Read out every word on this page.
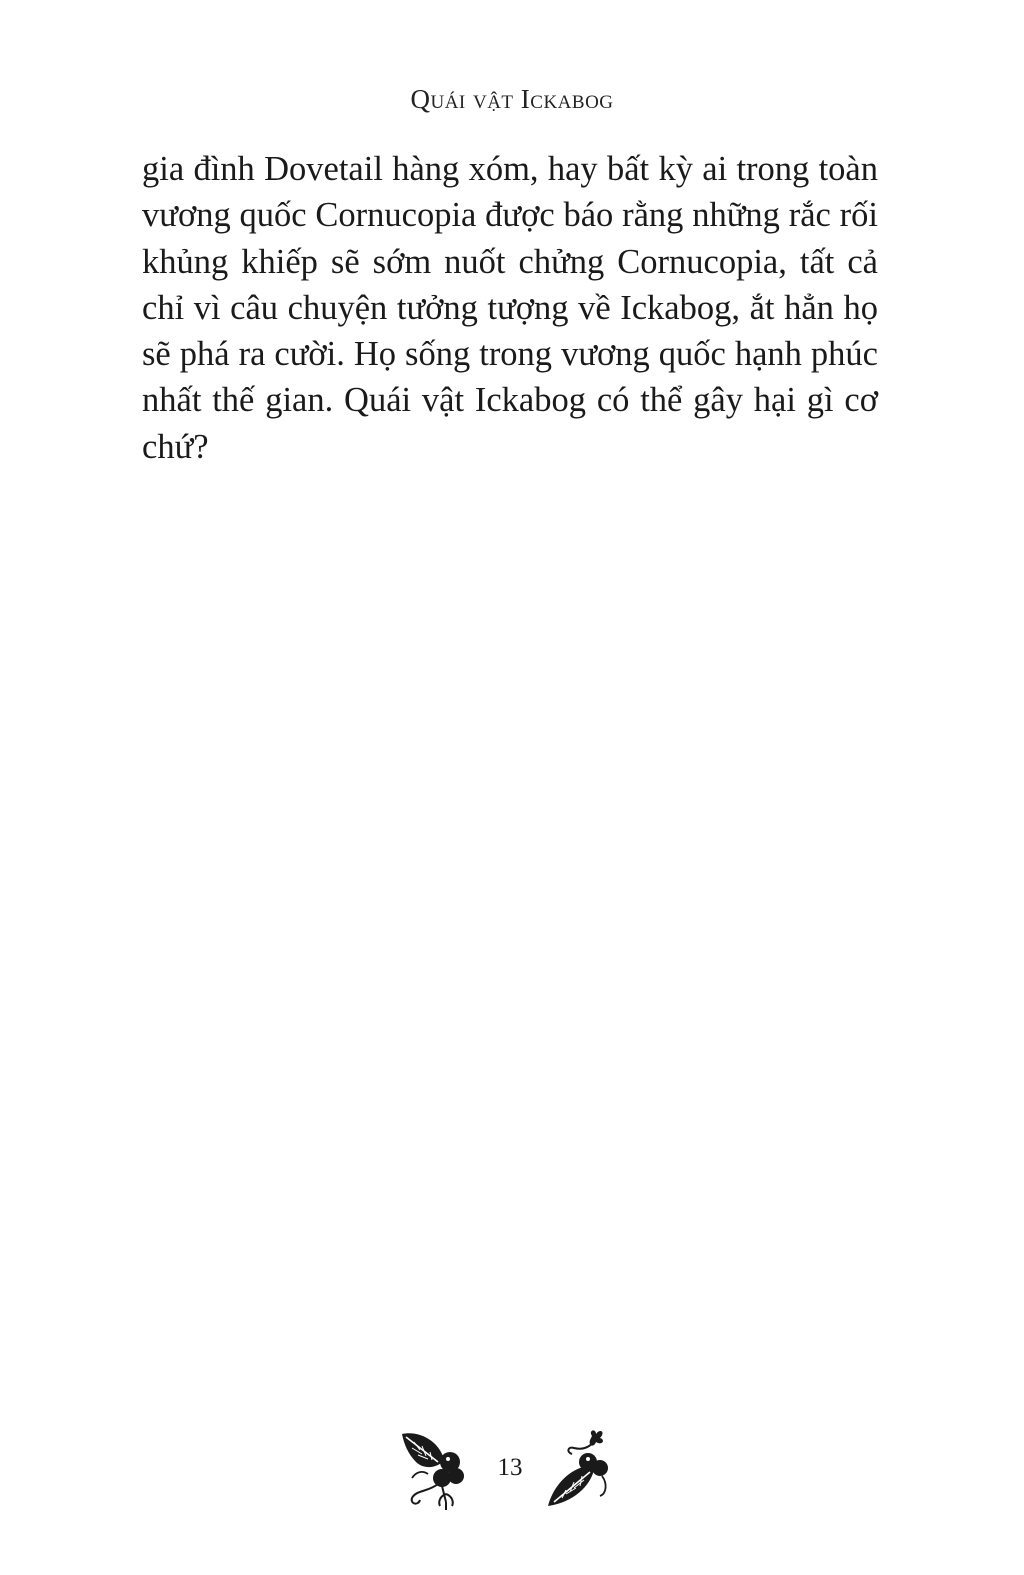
Quái vật Ickabog
gia đình Dovetail hàng xóm, hay bất kỳ ai trong toàn vương quốc Cornucopia được báo rằng những rắc rối khủng khiếp sẽ sớm nuốt chửng Cornucopia, tất cả chỉ vì câu chuyện tưởng tượng về Ickabog, ắt hẳn họ sẽ phá ra cười. Họ sống trong vương quốc hạnh phúc nhất thế gian. Quái vật Ickabog có thể gây hại gì cơ chứ?
13
